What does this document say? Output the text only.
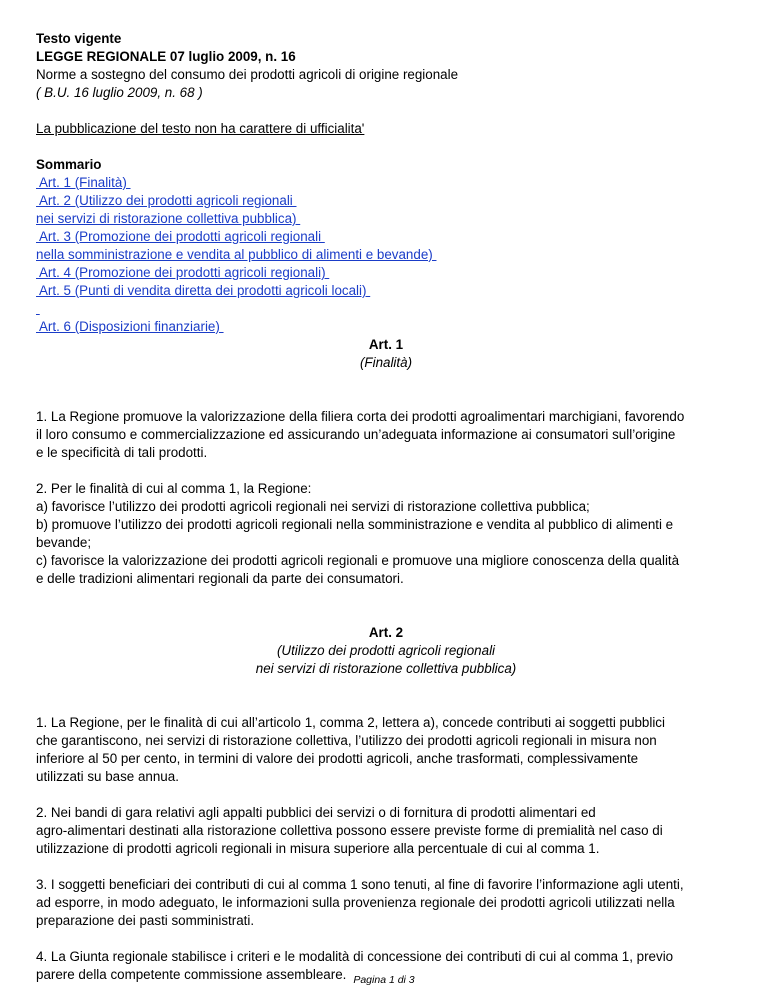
Testo vigente
LEGGE REGIONALE 07 luglio 2009, n. 16
Norme a sostegno del consumo dei prodotti agricoli di origine regionale
( B.U. 16 luglio 2009, n. 68 )
La pubblicazione del testo non ha carattere di ufficialita'
Sommario
Art. 1 (Finalità)
Art. 2 (Utilizzo dei prodotti agricoli regionali
nei servizi di ristorazione collettiva pubblica)
Art. 3 (Promozione dei prodotti agricoli regionali
nella somministrazione e vendita al pubblico di alimenti e bevande)
Art. 4 (Promozione dei prodotti agricoli regionali)
Art. 5 (Punti di vendita diretta dei prodotti agricoli locali)

Art. 6 (Disposizioni finanziarie)
Art. 1
(Finalità)
1. La Regione promuove la valorizzazione della filiera corta dei prodotti agroalimentari marchigiani, favorendo
il loro consumo e commercializzazione ed assicurando un’adeguata informazione ai consumatori sull’origine
e le specificità di tali prodotti.
2. Per le finalità di cui al comma 1, la Regione:
a) favorisce l’utilizzo dei prodotti agricoli regionali nei servizi di ristorazione collettiva pubblica;
b) promuove l’utilizzo dei prodotti agricoli regionali nella somministrazione e vendita al pubblico di alimenti e
bevande;
c) favorisce la valorizzazione dei prodotti agricoli regionali e promuove una migliore conoscenza della qualità
e delle tradizioni alimentari regionali da parte dei consumatori.
Art. 2
(Utilizzo dei prodotti agricoli regionali
nei servizi di ristorazione collettiva pubblica)
1. La Regione, per le finalità di cui all’articolo 1, comma 2, lettera a), concede contributi ai soggetti pubblici
che garantiscono, nei servizi di ristorazione collettiva, l’utilizzo dei prodotti agricoli regionali in misura non
inferiore al 50 per cento, in termini di valore dei prodotti agricoli, anche trasformati, complessivamente
utilizzati su base annua.
2. Nei bandi di gara relativi agli appalti pubblici dei servizi o di fornitura di prodotti alimentari ed
agro-alimentari destinati alla ristorazione collettiva possono essere previste forme di premialità nel caso di
utilizzazione di prodotti agricoli regionali in misura superiore alla percentuale di cui al comma 1.
3. I soggetti beneficiari dei contributi di cui al comma 1 sono tenuti, al fine di favorire l’informazione agli utenti,
ad esporre, in modo adeguato, le informazioni sulla provenienza regionale dei prodotti agricoli utilizzati nella
preparazione dei pasti somministrati.
4. La Giunta regionale stabilisce i criteri e le modalità di concessione dei contributi di cui al comma 1, previo
parere della competente commissione assembleare. Pagina 1 di 3
